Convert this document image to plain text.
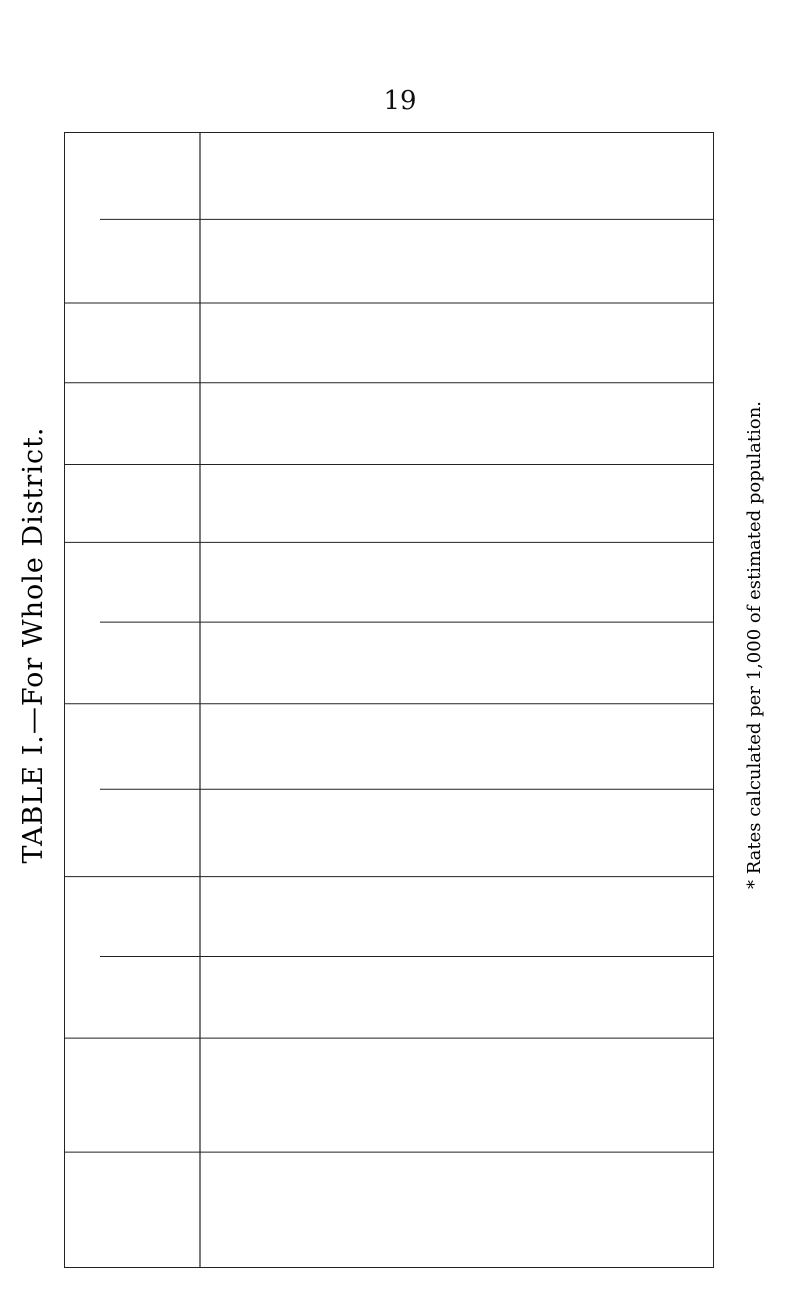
19
TABLE I.—For Whole District.	* Rates calculated per 1,000 of estimated population.
